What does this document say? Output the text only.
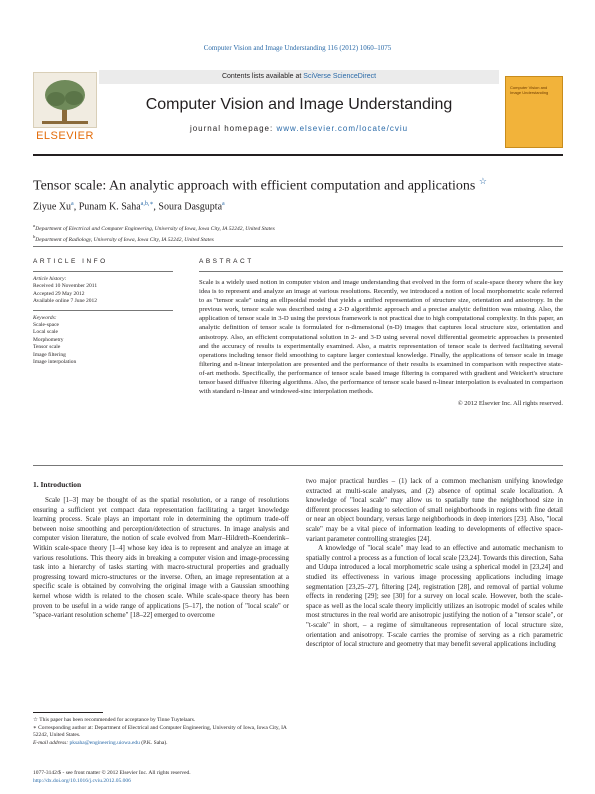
Computer Vision and Image Understanding 116 (2012) 1060–1075
ELSEVIER
Contents lists available at SciVerse ScienceDirect
Computer Vision and Image Understanding
journal homepage: www.elsevier.com/locate/cviu
Computer Vision and Image Understanding
Tensor scale: An analytic approach with efficient computation and applications ☆
Ziyue Xu$^a$, Punam K. Saha$^{a,b,∗}$, Soura Dasgupta$^a$
$^a$Department of Electrical and Computer Engineering, University of Iowa, Iowa City, IA 52242, United States
$^b$Department of Radiology, University of Iowa, Iowa City, IA 52242, United States
ARTICLE INFO
Article history:
Received 10 November 2011
Accepted 29 May 2012
Available online 7 June 2012
Keywords:
Scale-space
Local scale
Morphometry
Tensor scale
Image filtering
Image interpolation
ABSTRACT
Scale is a widely used notion in computer vision and image understanding that evolved in the form of scale-space theory where the key idea is to represent and analyze an image at various resolutions. Recently, we introduced a notion of local morphometric scale referred to as "tensor scale" using an ellipsoidal model that yields a unified representation of structure size, orientation and anisotropy. In the previous work, tensor scale was described using a 2-D algorithmic approach and a precise analytic definition was missing. Also, the application of tensor scale in 3-D using the previous framework is not practical due to high computational complexity. In this paper, an analytic definition of tensor scale is formulated for n-dimensional (n-D) images that captures local structure size, orientation and anisotropy. Also, an efficient computational solution in 2- and 3-D using several novel differential geometric approaches is presented and the accuracy of results is experimentally examined. Also, a matrix representation of tensor scale is derived facilitating several operations including tensor field smoothing to capture larger contextual knowledge. Finally, the applications of tensor scale in image filtering and n-linear interpolation are presented and the performance of their results is examined in comparison with respective state-of-art methods. Specifically, the performance of tensor scale based image filtering is compared with gradient and Weickert's structure tensor based diffusive filtering algorithms. Also, the performance of tensor scale based n-linear interpolation is evaluated in comparison with standard n-linear and windowed-sinc interpolation methods.
© 2012 Elsevier Inc. All rights reserved.
1. Introduction

Scale [1–3] may be thought of as the spatial resolution, or a range of resolutions ensuring a sufficient yet compact data representation facilitating a target knowledge learning process. Scale plays an important role in determining the optimum trade-off between noise smoothing and perception/detection of structures. In image analysis and computer vision literature, the notion of scale evolved from Marr–Hildreth–Koenderink–Witkin scale-space theory [1–4] whose key idea is to represent and analyze an image at various resolutions. This theory aids in breaking a computer vision and image-processing task into a hierarchy of tasks starting with macro-structural properties and gradually progressing toward micro-structures or the inverse. Often, an image representation at a specific scale is obtained by convolving the original image with a Gaussian smoothing kernel whose width is related to the chosen scale. While scale-space theory has been proven to be useful in a wide range of applications [5–17], the notion of "local scale" or "space-variant resolution scheme" [18–22] emerged to overcome

two major practical hurdles – (1) lack of a common mechanism unifying knowledge extracted at multi-scale analyses, and (2) absence of optimal scale localization. A knowledge of "local scale" may allow us to spatially tune the neighborhood size in different processes leading to selection of small neighborhoods in regions with fine detail or near an object boundary, versus large neighborhoods in deep interiors [23]. Also, "local scale" may be a vital piece of information leading to developments of effective space-variant parameter controlling strategies [24].

A knowledge of "local scale" may lead to an effective and automatic mechanism to spatially control a process as a function of local scale [23,24]. Towards this direction, Saha and Udupa introduced a local morphometric scale using a spherical model in [23,24] and studied its effectiveness in various image processing applications including image segmentation [23,25–27], filtering [24], registration [28], and removal of partial volume effects in rendering [29]; see [30] for a survey on local scale. However, both the scale-space as well as the local scale theory implicitly utilizes an isotropic model of scales while most structures in the real world are anisotropic justifying the notion of a "tensor scale", or "t-scale" in short, – a regime of simultaneous representation of local structure size, orientation and anisotropy. T-scale carries the promise of serving as a rich parametric descriptor of local structure and geometry that may benefit several applications including

☆ This paper has been recommended for acceptance by Tinne Tuytelaars.
∗ Corresponding author at: Department of Electrical and Computer Engineering, University of Iowa, Iowa City, IA 52242, United States.
E-mail address: pksaha@engineering.uiowa.edu (P.K. Saha).
1077-3142/$ - see front matter © 2012 Elsevier Inc. All rights reserved.
http://dx.doi.org/10.1016/j.cviu.2012.05.006
